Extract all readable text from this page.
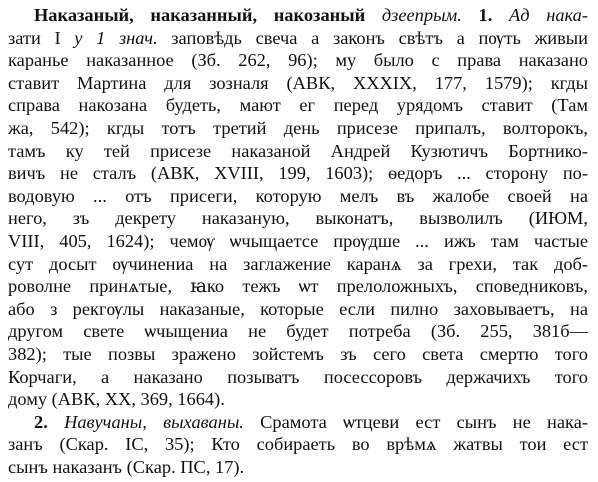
Наказаный, наказанный, накозаный дзеепрым. 1. Ад нака-
зати І у 1 знач. заповѣдь свеча а законъ свѣтъ а пѹть живыи
каранье наказанное (Зб. 262, 96); му было с права наказано
ставит Мартина для зозналя (АВК, ХХХІХ, 177, 1579); кгды
справа накозана будеть, мают ег перед урядомъ ставит (Там
жа, 542); кгды тотъ третий день присезе припалъ, волторокъ,
тамъ ку тей присезе наказаной Андрей Кузютичъ Бортнико-
вичъ не сталъ (АВК, ХVІІІ, 199, 1603); ѳедоръ ... сторону по-
водовую ... отъ присеги, которую мелъ въ жалобе своей на
него, зъ декрету наказаную, выконатъ, вызволилъ (ИЮМ,
VІІІ, 405, 1624); чемѹ ѡчыщаетсе прѹдше ... ижъ там частые
сут досыт ѹчинениа на заглажение каранѧ за грехи, так доб-
роволне принѧтые, ꙗко тежъ ѡт прелоложныхъ, споведниковъ,
або з рекгѹлы наказаные, которые если пилно заховываетъ, на
другом свете ѡчыщениа не будет потреба (Зб. 255, 381б—
382); тые позвы зражено зойстемъ зъ сего света смертю того
Корчаги, а наказано позыватъ посессоровъ держачихъ того
дому (АВК, ХХ, 369, 1664).
2. Навучаны, выхаваны. Срамота ѡтцеви ест сынъ не нака-
занъ (Скар. ІС, 35); Кто собираеть во врѣмѧ жатвы тои ест
сынъ наказанъ (Скар. ПС, 17).
